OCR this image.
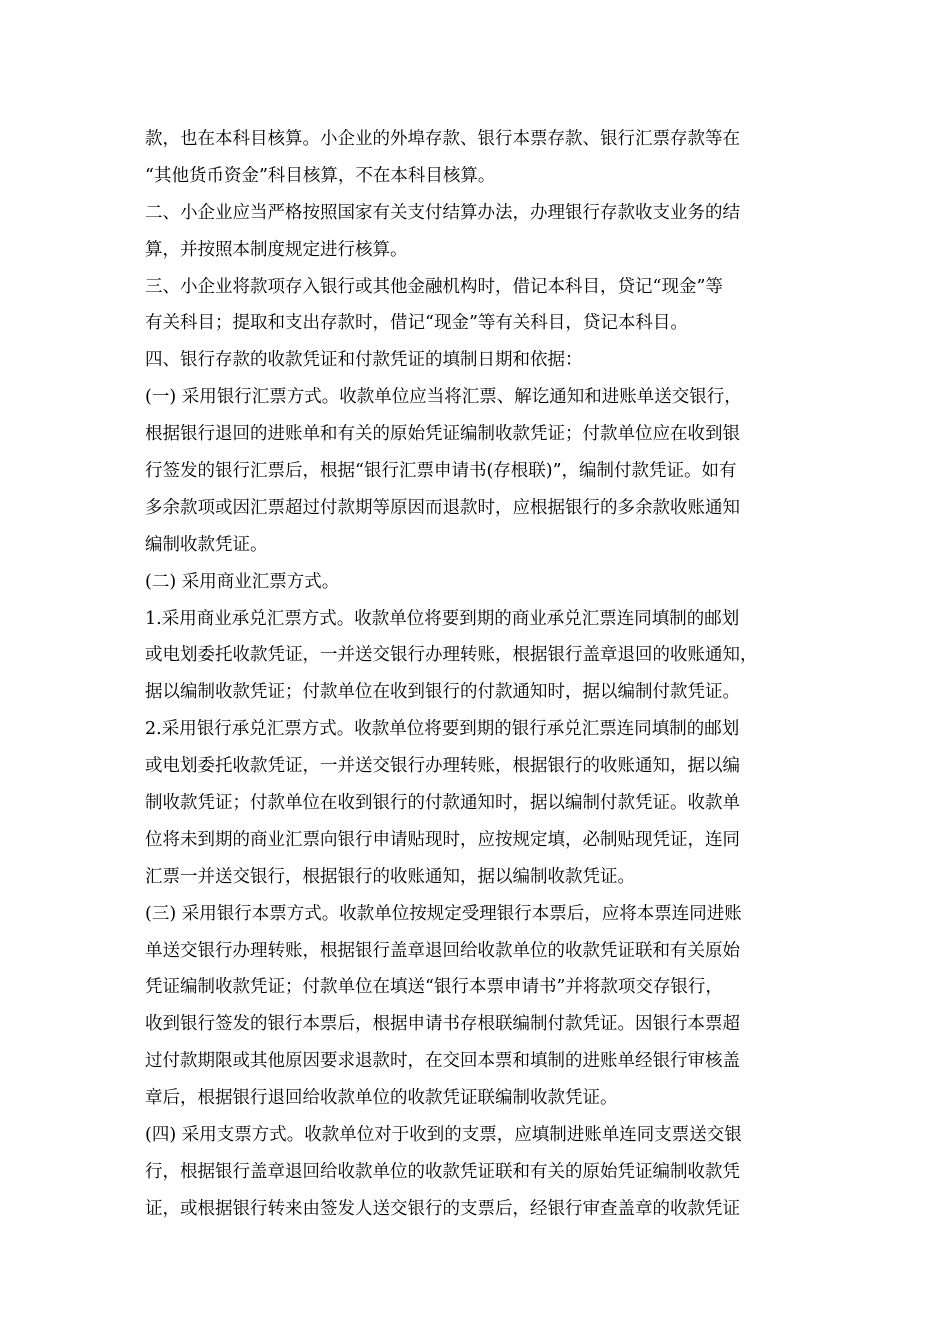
款，也在本科目核算。小企业的外埠存款、银行本票存款、银行汇票存款等在
“其他货币资金”科目核算，不在本科目核算。
二、小企业应当严格按照国家有关支付结算办法，办理银行存款收支业务的结
算，并按照本制度规定进行核算。
三、小企业将款项存入银行或其他金融机构时，借记本科目，贷记“现金”等
有关科目；提取和支出存款时，借记“现金”等有关科目，贷记本科目。
四、银行存款的收款凭证和付款凭证的填制日期和依据：
(一) 采用银行汇票方式。收款单位应当将汇票、解讫通知和进账单送交银行，
根据银行退回的进账单和有关的原始凭证编制收款凭证；付款单位应在收到银
行签发的银行汇票后，根据“银行汇票申请书(存根联)”，编制付款凭证。如有
多余款项或因汇票超过付款期等原因而退款时，应根据银行的多余款收账通知
编制收款凭证。
(二) 采用商业汇票方式。
1.采用商业承兑汇票方式。收款单位将要到期的商业承兑汇票连同填制的邮划
或电划委托收款凭证，一并送交银行办理转账，根据银行盖章退回的收账通知，
据以编制收款凭证；付款单位在收到银行的付款通知时，据以编制付款凭证。
2.采用银行承兑汇票方式。收款单位将要到期的银行承兑汇票连同填制的邮划
或电划委托收款凭证，一并送交银行办理转账，根据银行的收账通知，据以编
制收款凭证；付款单位在收到银行的付款通知时，据以编制付款凭证。收款单
位将未到期的商业汇票向银行申请贴现时，应按规定填，必制贴现凭证，连同
汇票一并送交银行，根据银行的收账通知，据以编制收款凭证。
(三) 采用银行本票方式。收款单位按规定受理银行本票后，应将本票连同进账
单送交银行办理转账，根据银行盖章退回给收款单位的收款凭证联和有关原始
凭证编制收款凭证；付款单位在填送“银行本票申请书”并将款项交存银行，
收到银行签发的银行本票后，根据申请书存根联编制付款凭证。因银行本票超
过付款期限或其他原因要求退款时，在交回本票和填制的进账单经银行审核盖
章后，根据银行退回给收款单位的收款凭证联编制收款凭证。
(四) 采用支票方式。收款单位对于收到的支票，应填制进账单连同支票送交银
行，根据银行盖章退回给收款单位的收款凭证联和有关的原始凭证编制收款凭
证，或根据银行转来由签发人送交银行的支票后，经银行审查盖章的收款凭证
